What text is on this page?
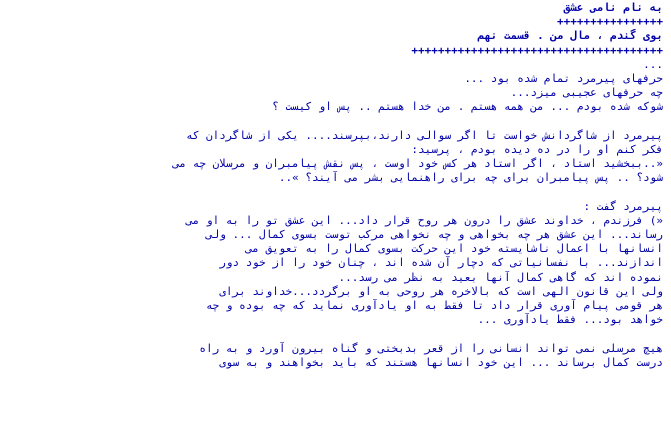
به نام نامی عشق
++++++++++++++++
بوی گندم ، مال من . قسمت نهم
++++++++++++++++++++++++++++++++++++++
...
حرفهای پیرمرد تمام شده بود ...
چه حرفهای عجیبی میزد...
شوکه شده بودم ... من همه هستم . من خدا هستم .. پس او کیست ؟
پیرمرد از شاگردانش خواست تا اگر سوالی دارند،بپرسند.... یکی از شاگردان که
فکر کنم او را در ده دیده بودم ، پرسید:
«..ببخشید استاد ، اگر استاد هر کس خود اوست ، پس نقش پیامبران و مرسلان چه می
شود؟ .. پس پیامبران برای چه برای راهنمایی بشر می آیند؟ »..
پیرمرد گفت :
«) فرزندم ، خداوند عشق را درون هر روح قرار داد... این عشق تو را به او می
رساند... این عشق هر چه بخواهی و چه نخواهی مرکب توست بسوی کمال ... ولی
انسانها با اعمال ناشایسته خود این حرکت بسوی کمال را به تعویق می
اندازند... با نفسانیاتی که دچار آن شده اند ، چنان خود را از خود دور
نموده اند که گاهی کمال آنها بعید به نظر می رسد...
ولی این قانون الهی است که بالاخره هر روحی به او برگردد...خداوند برای
هر قومی پیام آوری قرار داد تا فقط به او یادآوری نماید که چه بوده و چه
خواهد بود... فقط یادآوری ...
هیچ مرسلی نمی تواند انسانی را از قعر بدبختی و گناه بیرون آورد و به راه
درست کمال برساند ... این خود انسانها هستند که باید بخواهند و به سوی
